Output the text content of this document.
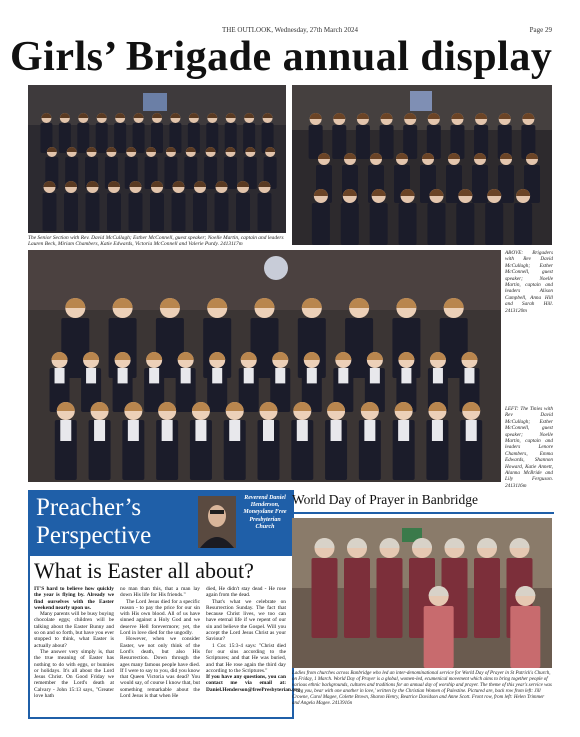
THE OUTLOOK, Wednesday, 27th March 2024	Page 29
Girls’ Brigade annual display
The Senior Section with Rev. David McCullagh; Esther McConnell, guest speaker; Noelle Martin, captain and leaders Lauren Beck, Miriam Chambers, Katie Edwards, Victoria McConnell and Valerie Purdy. 2413117m
ABOVE: Brigaders with Rev David McCullagh; Esther McConnell, guest speaker; Noelle Martin, captain and leaders Alison Campbell, Anna Hill and Sarah Hill. 2413120m
LEFT: The Tinies with Rev David McCullagh; Esther McConnell, guest speaker; Noelle Martin, captain and leaders Lenore Chambers, Emma Edwards, Shannon Howard, Katie Annett, Alanna McBride and Lily Ferguson. 2413116m
Preacher’s
Perspective
Reverend Daniel Henderson, Moneyslane Free Presbyterian Church
What is Easter all about?

IT'S hard to believe how quickly the year is flying by. Already we find ourselves with the Easter weekend nearly upon us.

Many parents will be busy buying chocolate eggs; children will be talking about the Easter Bunny and so on and so forth, but have you ever stopped to think, what Easter is actually about?

The answer very simply is, that the true meaning of Easter has nothing to do with eggs, or bunnies or holidays. It's all about the Lord Jesus Christ. On Good Friday we remember the Lord's death at Calvary - John 15:13 says, "Greater love hath

no man than this, that a man lay down His life for His friends."

The Lord Jesus died for a specific reason - to pay the price for our sin with His own blood. All of us have sinned against a Holy God and we deserve Hell forevermore; yet, the Lord in love died for the ungodly.

However, when we consider Easter, we not only think of the Lord's death, but also His Resurrection. Down through the ages many famous people have died. If I were to say to you, did you know that Queen Victoria was dead? You would say, of course I know that, but something remarkable about the Lord Jesus is that when He

died, He didn't stay dead - He rose again from the dead.

That's what we celebrate on Resurrection Sunday. The fact that because Christ lives, we too can have eternal life if we repent of our sin and believe the Gospel. Will you accept the Lord Jesus Christ as your Saviour?

1 Cor. 15:3-4 says: "Christ died for our sins according to the Scriptures; and that He was buried, and that He rose again the third day according to the Scriptures."

If you have any questions, you can contact me via email at: Daniel.Henderson@freePresbyterian.org

World Day of Prayer in Banbridge
Ladies from churches across Banbridge who led an inter-denominational service for World Day of Prayer in St Patrick's Church, on Friday, 1 March. World Day of Prayer is a global, women-led, ecumenical movement which aims to bring together people of various ethnic backgrounds, cultures and traditions for an annual day of worship and prayer. The theme of this year's service was 'I beg you, bear with one another in love,' written by the Christian Women of Palestine. Pictured are, back row from left: Jill Crowne, Carol Magee, Colette Brown, Sharon Henry, Beatrice Davidson and Anne Scott. Front row, from left: Helen Trimmer and Angela Magee. 2413916n
